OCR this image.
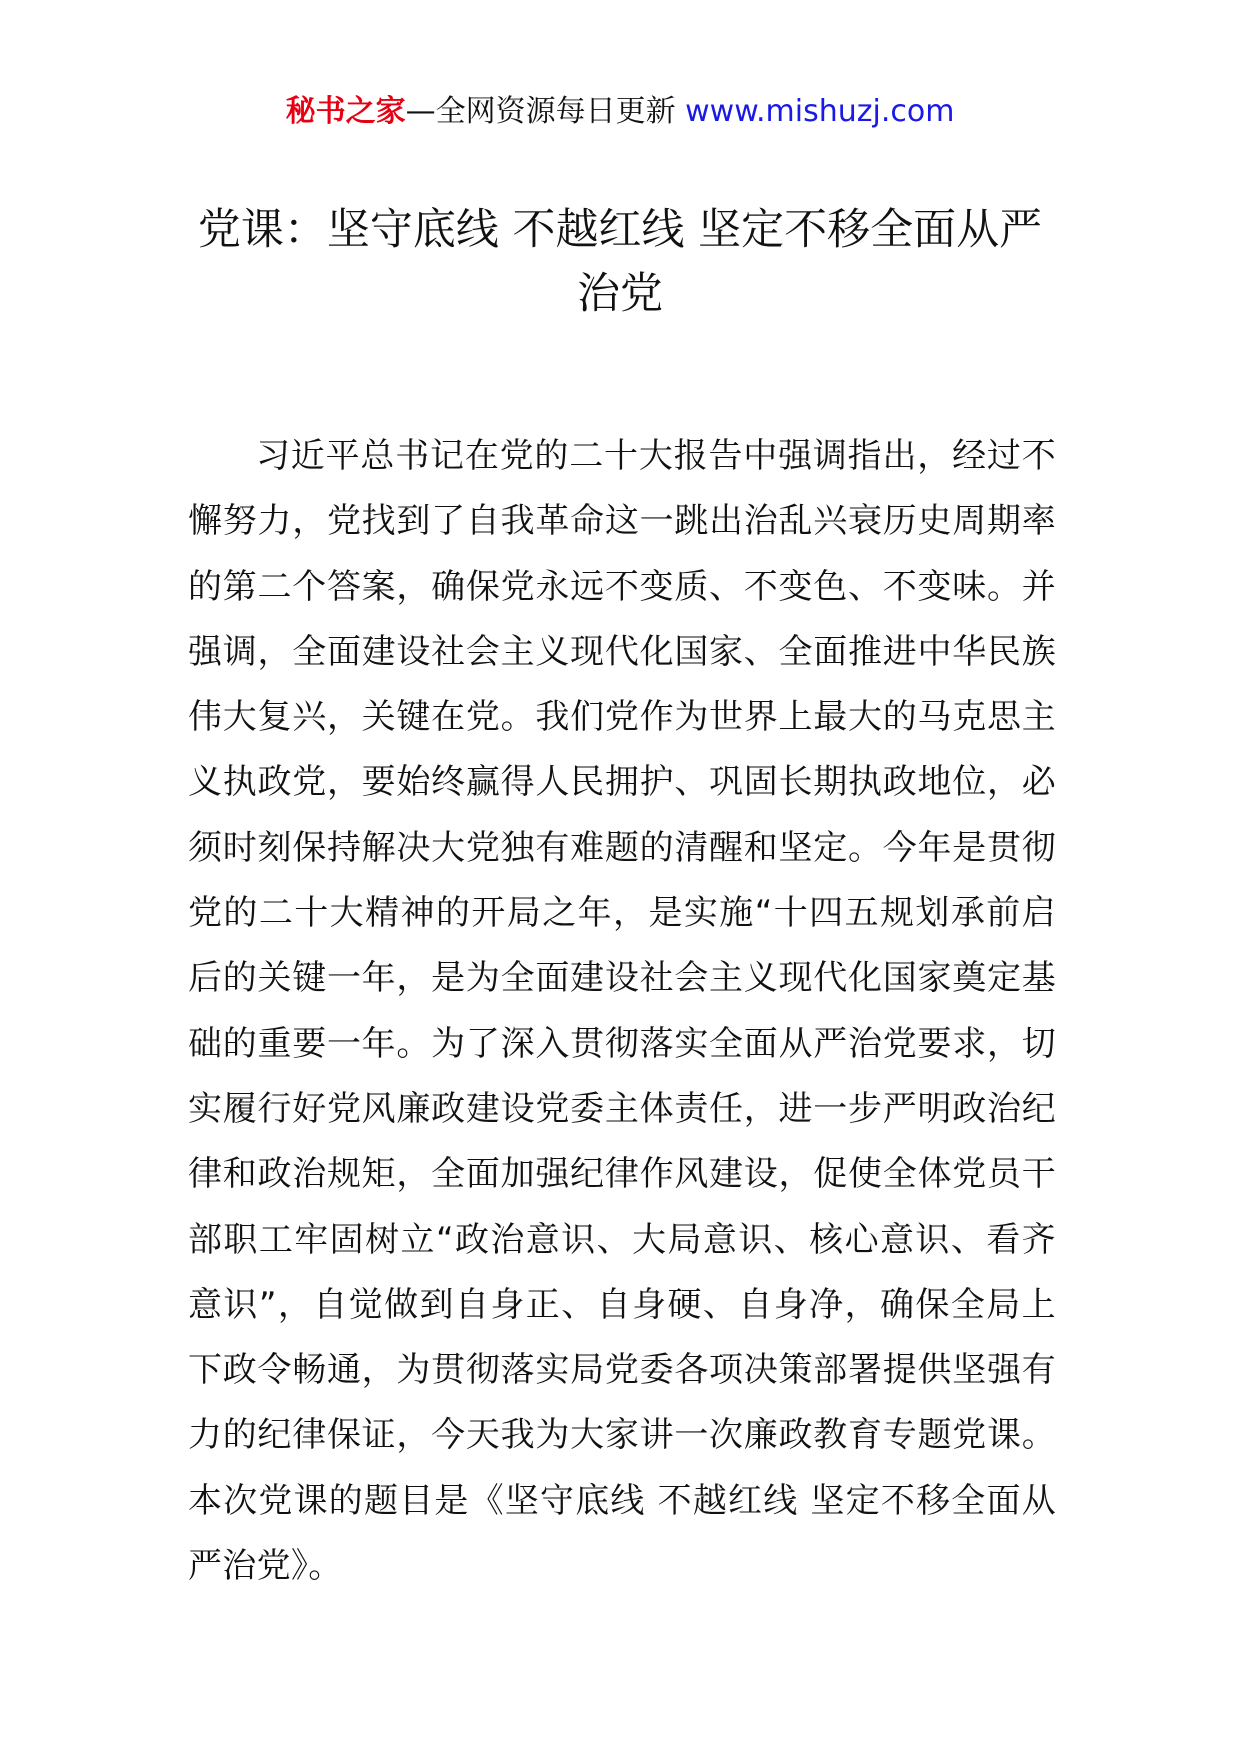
秘书之家—全网资源每日更新 www.mishuzj.com
党课：坚守底线 不越红线 坚定不移全面从严治党

习近平总书记在党的二十大报告中强调指出，经过不懈努力，党找到了自我革命这一跳出治乱兴衰历史周期率的第二个答案，确保党永远不变质、不变色、不变味。并强调，全面建设社会主义现代化国家、全面推进中华民族伟大复兴，关键在党。我们党作为世界上最大的马克思主义执政党，要始终赢得人民拥护、巩固长期执政地位，必须时刻保持解决大党独有难题的清醒和坚定。今年是贯彻党的二十大精神的开局之年，是实施“十四五规划承前启后的关键一年，是为全面建设社会主义现代化国家奠定基础的重要一年。为了深入贯彻落实全面从严治党要求，切实履行好党风廉政建设党委主体责任，进一步严明政治纪律和政治规矩，全面加强纪律作风建设，促使全体党员干部职工牢固树立“政治意识、大局意识、核心意识、看齐意识”，自觉做到自身正、自身硬、自身净，确保全局上下政令畅通，为贯彻落实局党委各项决策部署提供坚强有力的纪律保证，今天我为大家讲一次廉政教育专题党课。本次党课的题目是《坚守底线 不越红线 坚定不移全面从严治党》。
